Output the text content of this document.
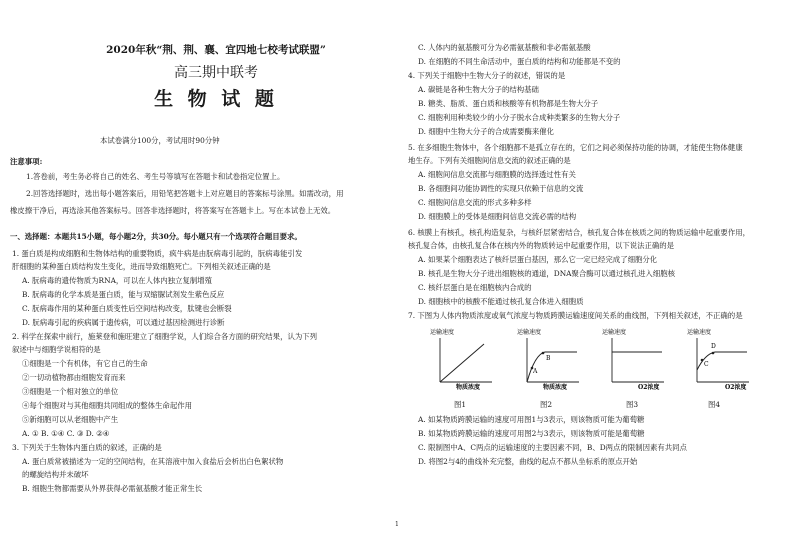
2020年秋“荆、荆、襄、宜四地七校考试联盟”
高三期中联考
生 物 试 题
本试卷满分100分，考试用时90分钟
注意事项:
1.答卷前，考生务必将自己的姓名、考生号等填写在答题卡和试卷指定位置上。
2.回答选择题时，选出每小题答案后，用铅笔把答题卡上对应题目的答案标号涂黑。如需改动，用
橡皮擦干净后，再选涂其他答案标号。回答非选择题时，将答案写在答题卡上。写在本试卷上无效。
一、选择题：本题共15小题，每小题2分，共30分。每小题只有一个选项符合题目要求。
1. 蛋白质是构成细胞和生物体结构的重要物质，疯牛病是由朊病毒引起的，朊病毒能引发
肝细胞的某种蛋白质结构发生变化，进而导致细胞死亡。下列相关叙述正确的是
A. 朊病毒的遗传物质为RNA，可以在人体内独立复制增殖
B. 朊病毒的化学本质是蛋白质，能与双缩脲试剂发生紫色反应
C. 朊病毒作用的某种蛋白质变性后空间结构改变，肽键也会断裂
D. 朊病毒引起的疾病属于遗传病，可以通过基因检测进行诊断
2. 科学在探索中前行，施莱登和施旺建立了细胞学说，人们综合各方面的研究结果，认为下列
叙述中与细胞学说相符的是
①细胞是一个有机体，有它自己的生命
②一切动植物都由细胞发育而来
③细胞是一个相对独立的单位
④每个细胞对与其他细胞共同组成的整体生命起作用
⑤新细胞可以从老细胞中产生
A. ① B. ①④ C. ③ D. ②④
3. 下列关于生物体内蛋白质的叙述，正确的是
A. 蛋白质常被描述为一定的空间结构，在其溶液中加入食盐后会析出白色絮状物
的螺旋结构并未破坏
B. 细胞生物都需要从外界获得必需氨基酸才能正常生长
C. 人体内的氨基酸可分为必需氨基酸和非必需氨基酸
D. 在细胞的不同生命活动中，蛋白质的结构和功能都是不变的
4. 下列关于细胞中生物大分子的叙述，错误的是
A. 碳链是各种生物大分子的结构基础
B. 糖类、脂质、蛋白质和核酸等有机物都是生物大分子
C. 细胞利用种类较少的小分子脱水合成种类繁多的生物大分子
D. 细胞中生物大分子的合成需要酶来催化
5. 在多细胞生物体中，各个细胞都不是孤立存在的，它们之间必须保持功能的协调，才能使生物体健康
地生存。下列有关细胞间信息交流的叙述正确的是
A. 细胞间信息交流都与细胞膜的选择透过性有关
B. 各细胞间功能协调性的实现只依赖于信息的交流
C. 细胞间信息交流的形式多种多样
D. 细胞膜上的受体是细胞间信息交流必需的结构
6. 核膜上有核孔，核孔构造复杂，与核纤层紧密结合，核孔复合体在核质之间的物质运输中起重要作用，
核孔复合体，由核孔复合体在核内外的物质转运中起重要作用，以下说法正确的是
A. 如果某个细胞表达了核纤层蛋白基因，那么它一定已经完成了细胞分化
B. 核孔是生物大分子进出细胞核的通道，DNA聚合酶可以通过核孔进入细胞核
C. 核纤层蛋白是在细胞核内合成的
D. 细胞核中的核酸不能通过核孔复合体进入细胞质
7. 下图为人体内物质浓度或氧气浓度与物质跨膜运输速度间关系的曲线图，下列相关叙述，不正确的是
运输速度
物质浓度
运输速度
A
B
物质浓度
运输速度
O2浓度
运输速度
C
D
O2浓度
图1	图2	图3	图4
A. 如某物质跨膜运输的速度可用图1与3表示，则该物质可能为葡萄糖
B. 如某物质跨膜运输的速度可用图2与3表示，则该物质可能是葡萄糖
C. 限制图中A、C两点的运输速度的主要因素不同，B、D两点的限制因素有共同点
D. 将图2与4的曲线补充完整，曲线的起点不都从坐标系的原点开始
1
